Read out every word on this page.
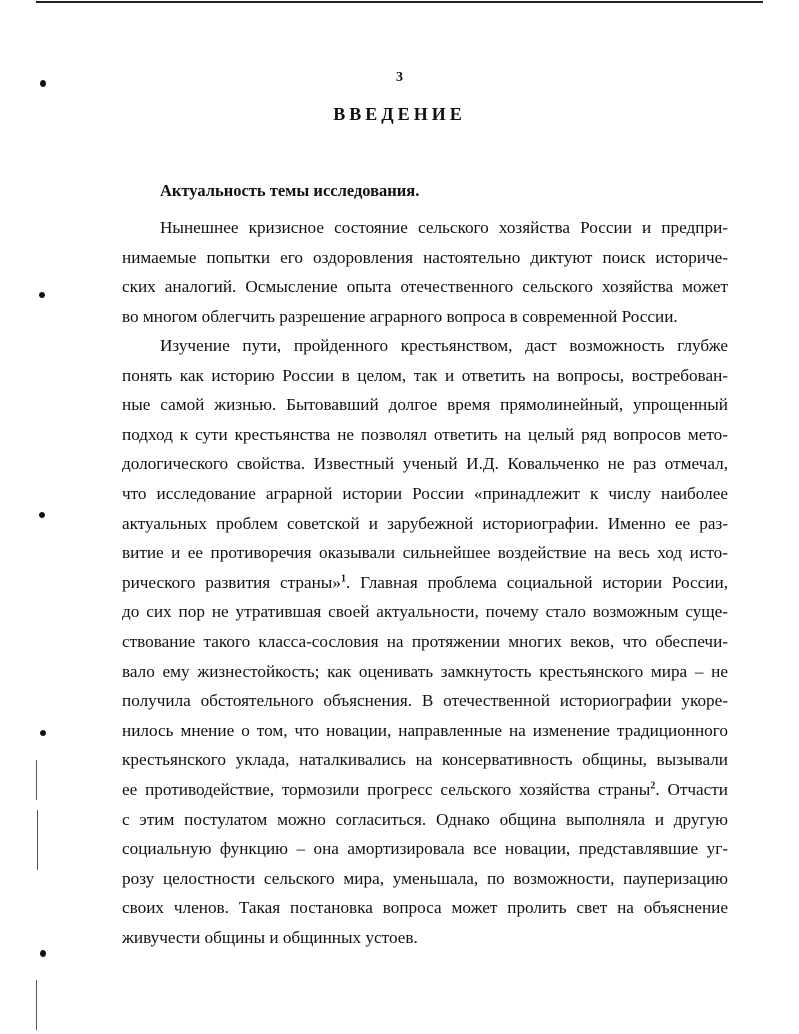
3
ВВЕДЕНИЕ
Актуальность темы исследования.
Нынешнее кризисное состояние сельского хозяйства России и предпри-
нимаемые попытки его оздоровления настоятельно диктуют поиск историче-
ских аналогий. Осмысление опыта отечественного сельского хозяйства может
во многом облегчить разрешение аграрного вопроса в современной России.
Изучение пути, пройденного крестьянством, даст возможность глубже
понять как историю России в целом, так и ответить на вопросы, востребован-
ные самой жизнью. Бытовавший долгое время прямолинейный, упрощенный
подход к сути крестьянства не позволял ответить на целый ряд вопросов мето-
дологического свойства. Известный ученый И.Д. Ковальченко не раз отмечал,
что исследование аграрной истории России «принадлежит к числу наиболее
актуальных проблем советской и зарубежной историографии. Именно ее раз-
витие и ее противоречия оказывали сильнейшее воздействие на весь ход исто-
рического развития страны»$^1$. Главная проблема социальной истории России,
до сих пор не утратившая своей актуальности, почему стало возможным суще-
ствование такого класса-сословия на протяжении многих веков, что обеспечи-
вало ему жизнестойкость; как оценивать замкнутость крестьянского мира – не
получила обстоятельного объяснения. В отечественной историографии укоре-
нилось мнение о том, что новации, направленные на изменение традиционного
крестьянского уклада, наталкивались на консервативность общины, вызывали
ее противодействие, тормозили прогресс сельского хозяйства страны$^2$. Отчасти
с этим постулатом можно согласиться. Однако община выполняла и другую
социальную функцию – она амортизировала все новации, представлявшие уг-
розу целостности сельского мира, уменьшала, по возможности, пауперизацию
своих членов. Такая постановка вопроса может пролить свет на объяснение
живучести общины и общинных устоев.
